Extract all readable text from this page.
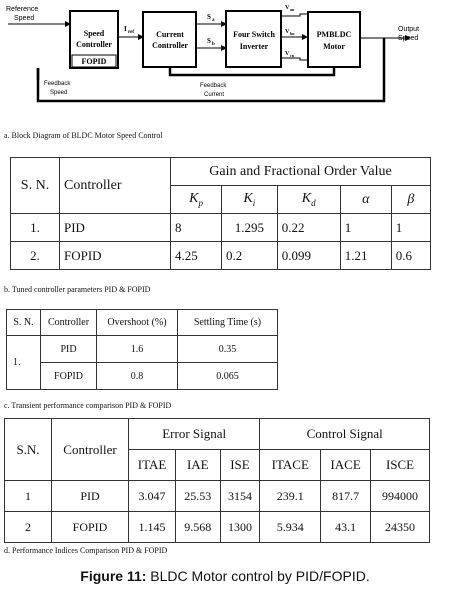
Reference
Speed
Speed
Controller
FOPID
I ref	Current
Controller
S a
S b
Four Switch
Inverter
V an
V bn
V cn
PMBLDC
Motor
Output
Speed
Feedback
Speed
Feedback
Current
a. Block Diagram of BLDC Motor Speed Control
S. N.	Controller	Gain and Fractional Order Value				
		$K_p$	$K_i$	$K_d$	α	β
1.	PID	8	1.295	0.22	1	1
2.	FOPID	4.25	0.2	0.099	1.21	0.6
b. Tuned controller parameters PID & FOPID
S. N.	Controller	Overshoot (%)	Settling Time (s)
1.	PID	1.6	0.35
	FOPID	0.8	0.065
c. Transient performance comparison PID & FOPID
S.N.	Controller	Error Signal			Control Signal		
		ITAE	IAE	ISE	ITACE	IACE	ISCE
1	PID	3.047	25.53	3154	239.1	817.7	994000
2	FOPID	1.145	9.568	1300	5.934	43.1	24350
d. Performance Indices Comparison PID & FOPID
Figure 11: BLDC Motor control by PID/FOPID.
